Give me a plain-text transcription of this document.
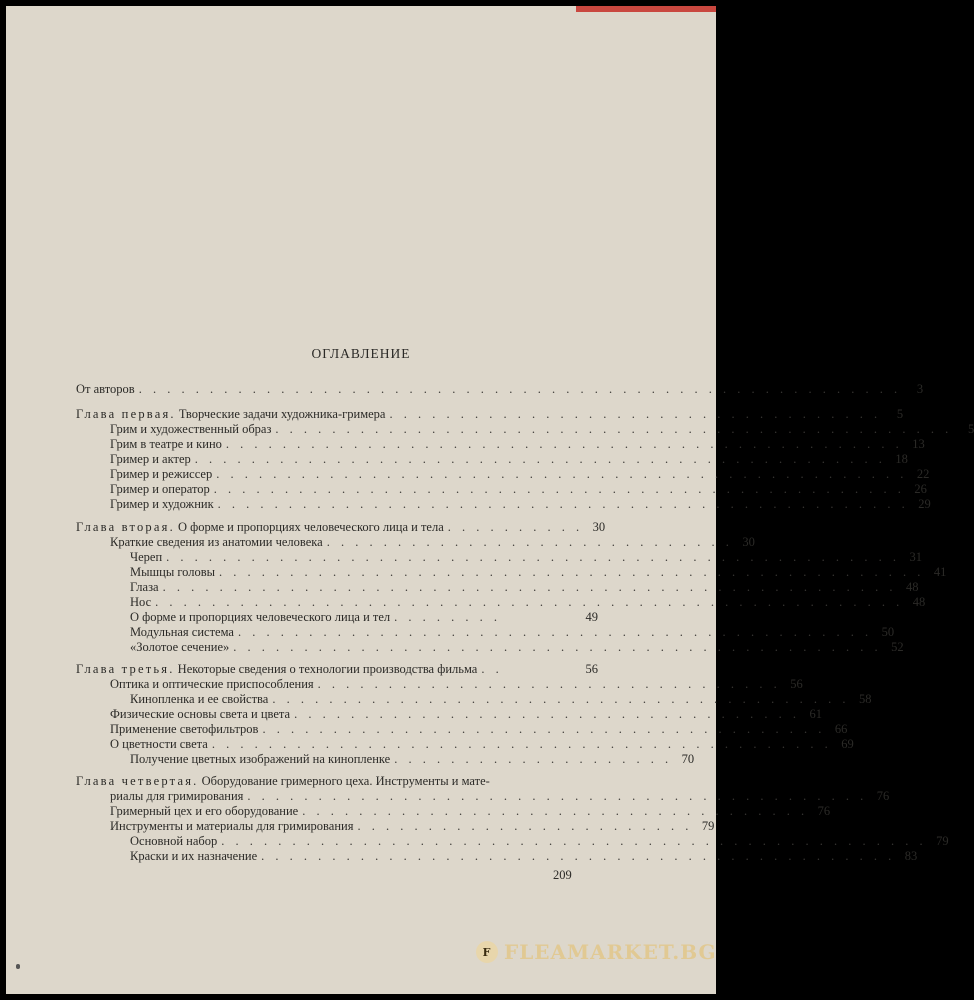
ОГЛАВЛЕНИЕ
От авторов . . . . . . . . . . . . . . . . . . . . . . . . . . . . . . . . . . . . . . . . . . . . . . . . . . . . . .	3
Глава первая. Творческие задачи художника-гримера . . . . . . . . . . . . . . . . . . . . . . . . . . . . . . . . . . .	5
Грим и художественный образ . . . . . . . . . . . . . . . . . . . . . . . . . . . . . . . . . . . . . . . . . . . . . . . .	5
Грим в театре и кино . . . . . . . . . . . . . . . . . . . . . . . . . . . . . . . . . . . . . . . . . . . . . . . . 13
Гример и актер . . . . . . . . . . . . . . . . . . . . . . . . . . . . . . . . . . . . . . . . . . . . . . . . . 18
Гример и режиссер . . . . . . . . . . . . . . . . . . . . . . . . . . . . . . . . . . . . . . . . . . . . . . . . . 22
Гример и оператор . . . . . . . . . . . . . . . . . . . . . . . . . . . . . . . . . . . . . . . . . . . . . . . . . 26
Гример и художник . . . . . . . . . . . . . . . . . . . . . . . . . . . . . . . . . . . . . . . . . . . . . . . . . 29
Глава вторая. О форме и пропорциях человеческого лица и тела . . . . . . . . . . 30
Краткие сведения из анатомии человека . . . . . . . . . . . . . . . . . . . . . . . . . . . . . 30
Череп . . . . . . . . . . . . . . . . . . . . . . . . . . . . . . . . . . . . . . . . . . . . . . . . . . . . 31
Мышцы головы . . . . . . . . . . . . . . . . . . . . . . . . . . . . . . . . . . . . . . . . . . . . . . . . . . 41
Глаза . . . . . . . . . . . . . . . . . . . . . . . . . . . . . . . . . . . . . . . . . . . . . . . . . . . . 48
Нос . . . . . . . . . . . . . . . . . . . . . . . . . . . . . . . . . . . . . . . . . . . . . . . . . . . . . 48
О форме и пропорциях человеческого лица и тел . . . . . . . .	49
Модульная система . . . . . . . . . . . . . . . . . . . . . . . . . . . . . . . . . . . . . . . . . . . . . 50
«Золотое сечение» . . . . . . . . . . . . . . . . . . . . . . . . . . . . . . . . . . . . . . . . . . . . . . 52
Глава третья. Некоторые сведения о технологии производства фильма . .	56
Оптика и оптические приспособления . . . . . . . . . . . . . . . . . . . . . . . . . . . . . . . . . 56
Кинопленка и ее свойства . . . . . . . . . . . . . . . . . . . . . . . . . . . . . . . . . . . . . . . . . 58
Физические основы света и цвета . . . . . . . . . . . . . . . . . . . . . . . . . . . . . . . . . . . . 61
Применение светофильтров . . . . . . . . . . . . . . . . . . . . . . . . . . . . . . . . . . . . . . . . 66
О цветности света . . . . . . . . . . . . . . . . . . . . . . . . . . . . . . . . . . . . . . . . . . . . 69
Получение цветных изображений на кинопленке . . . . . . . . . . . . . . . . . . . . 70
Глава четвертая. Оборудование гримерного цеха. Инструменты и мате-
риалы для гримирования . . . . . . . . . . . . . . . . . . . . . . . . . . . . . . . . . . . . . . . . . . . . 76
Гримерный цех и его оборудование . . . . . . . . . . . . . . . . . . . . . . . . . . . . . . . . . . . . 76
Инструменты и материалы для гримирования . . . . . . . . . . . . . . . . . . . . . . . . 79
Основной набор . . . . . . . . . . . . . . . . . . . . . . . . . . . . . . . . . . . . . . . . . . . . . . . . . . 79
Краски и их назначение . . . . . . . . . . . . . . . . . . . . . . . . . . . . . . . . . . . . . . . . . . . . . 83
209
F FLEAMARKET.BG
